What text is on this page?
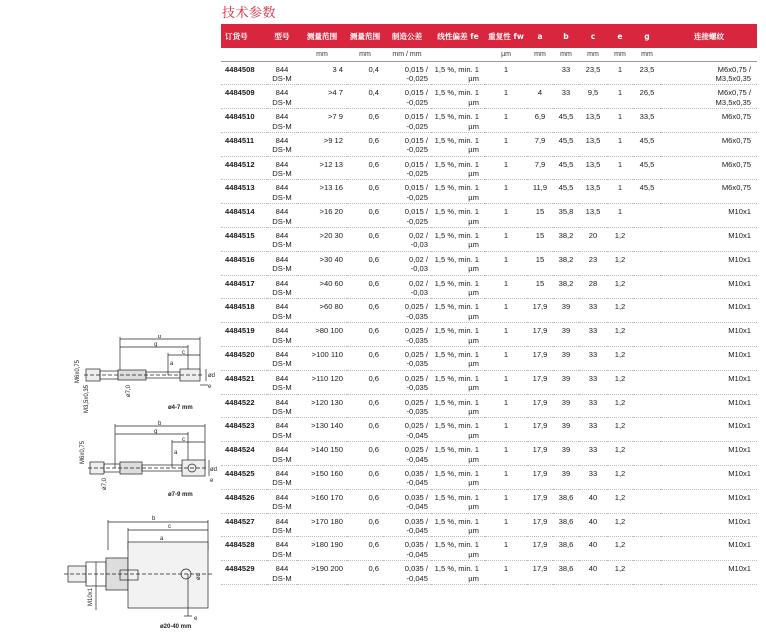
技术参数
订货号	型号	测量范围	测量范围	制造公差	线性偏差 fe	重复性 fw	a	b	c	e	g	连接螺纹
		mm	mm	mm / mm		µm	mm	mm	mm	mm	mm	
4484508	844
DS-M	3 4	0,4	0,015 /
-0,025	1,5 %, min. 1
µm	1		33	23,5	1	23,5	M6x0,75 /
M3,5x0,35

4484509	844
DS-M	>4 7	0,4	0,015 /
-0,025	1,5 %, min. 1
µm	1	4	33	9,5	1	26,5	M6x0,75 /
M3,5x0,35

4484510	844
DS-M	>7 9	0,6	0,015 /
-0,025	1,5 %, min. 1
µm	1	6,9	45,5	13,5	1	33,5	M6x0,75

4484511	844
DS-M	>9 12	0,6	0,015 /
-0,025	1,5 %, min. 1
µm	1	7,9	45,5	13,5	1	45,5	M6x0,75

4484512	844
DS-M	>12 13	0,6	0,015 /
-0,025	1,5 %, min. 1
µm	1	7,9	45,5	13,5	1	45,5	M6x0,75

4484513	844
DS-M	>13 16	0,6	0,015 /
-0,025	1,5 %, min. 1
µm	1	11,9	45,5	13,5	1	45,5	M6x0,75

4484514	844
DS-M	>16 20	0,6	0,015 /
-0,025	1,5 %, min. 1
µm	1	15	35,8	13,5	1		M10x1

4484515	844
DS-M	>20 30	0,6	0,02 /
-0,03	1,5 %, min. 1
µm	1	15	38,2	20	1,2		M10x1

4484516	844
DS-M	>30 40	0,6	0,02 /
-0,03	1,5 %, min. 1
µm	1	15	38,2	23	1,2		M10x1

4484517	844
DS-M	>40 60	0,6	0,02 /
-0,03	1,5 %, min. 1
µm	1	15	38,2	28	1,2		M10x1

4484518	844
DS-M	>60 80	0,6	0,025 /
-0,035	1,5 %, min. 1
µm	1	17,9	39	33	1,2		M10x1

4484519	844
DS-M	>80 100	0,6	0,025 /
-0,035	1,5 %, min. 1
µm	1	17,9	39	33	1,2		M10x1

4484520	844
DS-M	>100 110	0,6	0,025 /
-0,035	1,5 %, min. 1
µm	1	17,9	39	33	1,2		M10x1

4484521	844
DS-M	>110 120	0,6	0,025 /
-0,035	1,5 %, min. 1
µm	1	17,9	39	33	1,2		M10x1

4484522	844
DS-M	>120 130	0,6	0,025 /
-0,035	1,5 %, min. 1
µm	1	17,9	39	33	1,2		M10x1

4484523	844
DS-M	>130 140	0,6	0,025 /
-0,045	1,5 %, min. 1
µm	1	17,9	39	33	1,2		M10x1

4484524	844
DS-M	>140 150	0,6	0,025 /
-0,045	1,5 %, min. 1
µm	1	17,9	39	33	1,2		M10x1

4484525	844
DS-M	>150 160	0,6	0,035 /
-0,045	1,5 %, min. 1
µm	1	17,9	39	33	1,2		M10x1

4484526	844
DS-M	>160 170	0,6	0,035 /
-0,045	1,5 %, min. 1
µm	1	17,9	38,6	40	1,2		M10x1

4484527	844
DS-M	>170 180	0,6	0,035 /
-0,045	1,5 %, min. 1
µm	1	17,9	38,6	40	1,2		M10x1

4484528	844
DS-M	>180 190	0,6	0,035 /
-0,045	1,5 %, min. 1
µm	1	17,9	38,6	40	1,2		M10x1

4484529	844
DS-M	>190 200	0,6	0,035 /
-0,045	1,5 %, min. 1
µm	1	17,9	38,6	40	1,2		M10x1
b
g
c
a
e
ød
M6x0,75
M3,5x0,35	ø7,0
ø4-7 mm
b
g
c
a
e
ød
M6x0,75
ø7,0
ø7-9 mm
b
c
a
e
ød
M10x1
ø20-40 mm
